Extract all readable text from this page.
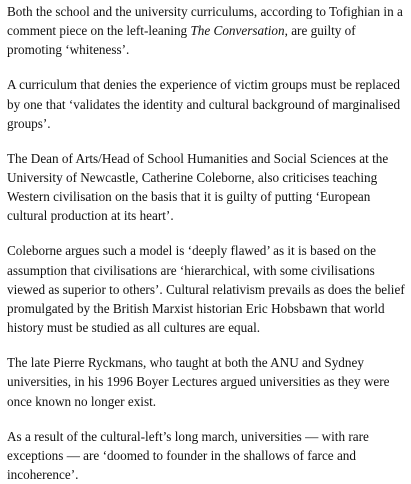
Both the school and the university curriculums, according to Tofighian in a comment piece on the left-leaning The Conversation, are guilty of promoting ‘whiteness’.

A curriculum that denies the experience of victim groups must be replaced by one that ‘validates the identity and cultural background of marginalised groups’.

The Dean of Arts/Head of School Humanities and Social Sciences at the University of Newcastle, Catherine Coleborne, also criticises teaching Western civilisation on the basis that it is guilty of putting ‘European cultural production at its heart’.

Coleborne argues such a model is ‘deeply flawed’ as it is based on the assumption that civilisations are ‘hierarchical, with some civilisations viewed as superior to others’. Cultural relativism prevails as does the belief promulgated by the British Marxist historian Eric Hobsbawn that world history must be studied as all cultures are equal.

The late Pierre Ryckmans, who taught at both the ANU and Sydney universities, in his 1996 Boyer Lectures argued universities as they were once known no longer exist.

As a result of the cultural-left’s long march, universities — with rare exceptions — are ‘doomed to founder in the shallows of farce and incoherence’.
